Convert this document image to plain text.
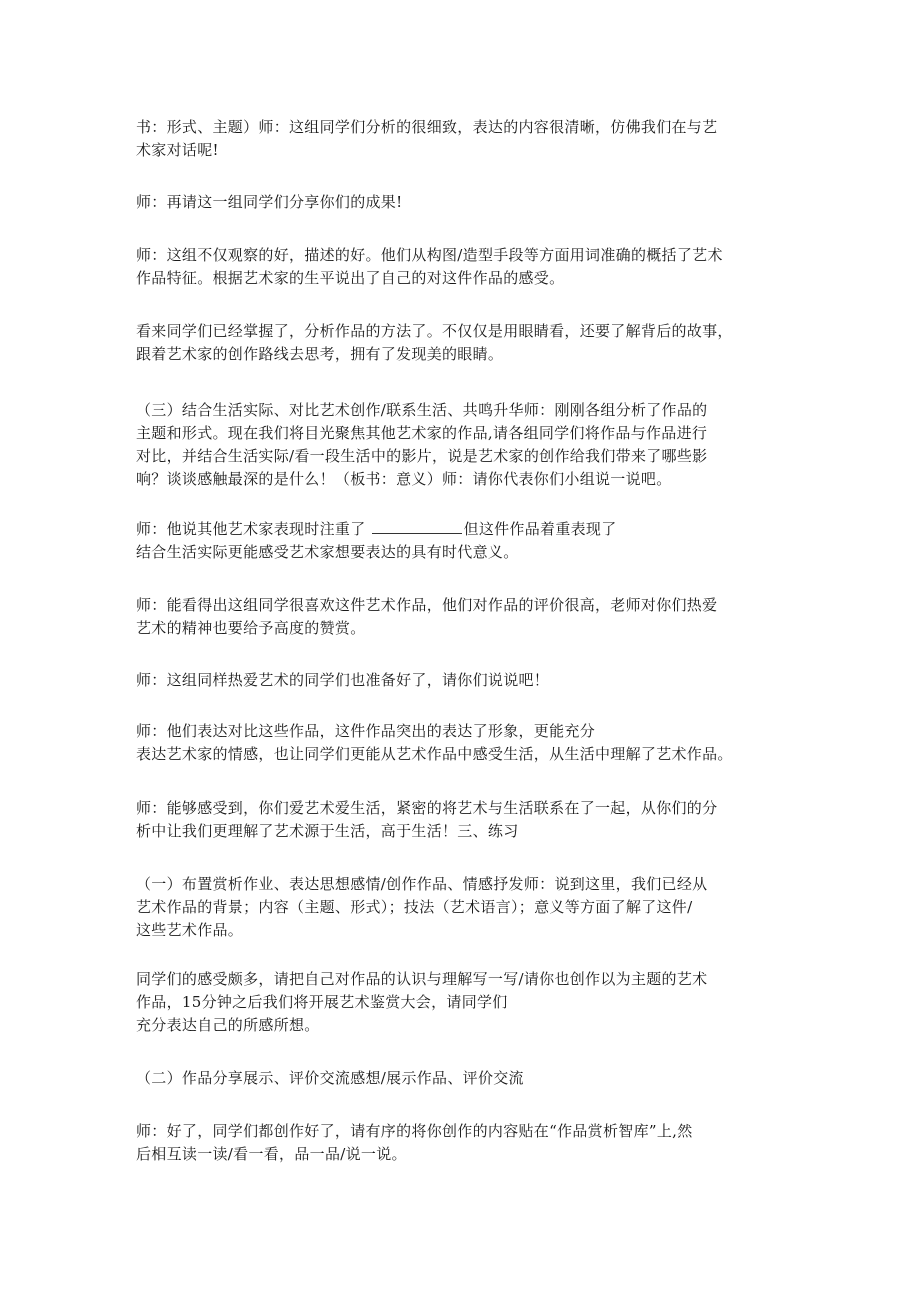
书：形式、主题）师：这组同学们分析的很细致，表达的内容很清晰，仿佛我们在与艺
术家对话呢!

师：再请这一组同学们分享你们的成果!

师：这组不仅观察的好，描述的好。他们从构图/造型手段等方面用词准确的概括了艺术
作品特征。根据艺术家的生平说出了自己的对这件作品的感受。

看来同学们已经掌握了，分析作品的方法了。不仅仅是用眼睛看，还要了解背后的故事，
跟着艺术家的创作路线去思考，拥有了发现美的眼睛。

（三）结合生活实际、对比艺术创作/联系生活、共鸣升华师：刚刚各组分析了作品的
主题和形式。现在我们将目光聚焦其他艺术家的作品,请各组同学们将作品与作品进行
对比，并结合生活实际/看一段生活中的影片，说是艺术家的创作给我们带来了哪些影
响？谈谈感触最深的是什么！（板书：意义）师：请你代表你们小组说一说吧。

师：他说其他艺术家表现时注重了	但这件作品着重表现了
结合生活实际更能感受艺术家想要表达的具有时代意义。

师：能看得出这组同学很喜欢这件艺术作品，他们对作品的评价很高，老师对你们热爱
艺术的精神也要给予高度的赞赏。

师：这组同样热爱艺术的同学们也准备好了，请你们说说吧！

师：他们表达对比这些作品，这件作品突出的表达了形象，更能充分
表达艺术家的情感，也让同学们更能从艺术作品中感受生活，从生活中理解了艺术作品。

师：能够感受到，你们爱艺术爱生活，紧密的将艺术与生活联系在了一起，从你们的分
析中让我们更理解了艺术源于生活，高于生活！三、练习

（一）布置赏析作业、表达思想感情/创作作品、情感抒发师：说到这里，我们已经从
艺术作品的背景；内容（主题、形式）；技法（艺术语言）；意义等方面了解了这件/
这些艺术作品。

同学们的感受颇多，请把自己对作品的认识与理解写一写/请你也创作以为主题的艺术
作品，15分钟之后我们将开展艺术鉴赏大会，请同学们
充分表达自己的所感所想。

（二）作品分享展示、评价交流感想/展示作品、评价交流

师：好了，同学们都创作好了，请有序的将你创作的内容贴在“作品赏析智库”上,然
后相互读一读/看一看，品一品/说一说。
